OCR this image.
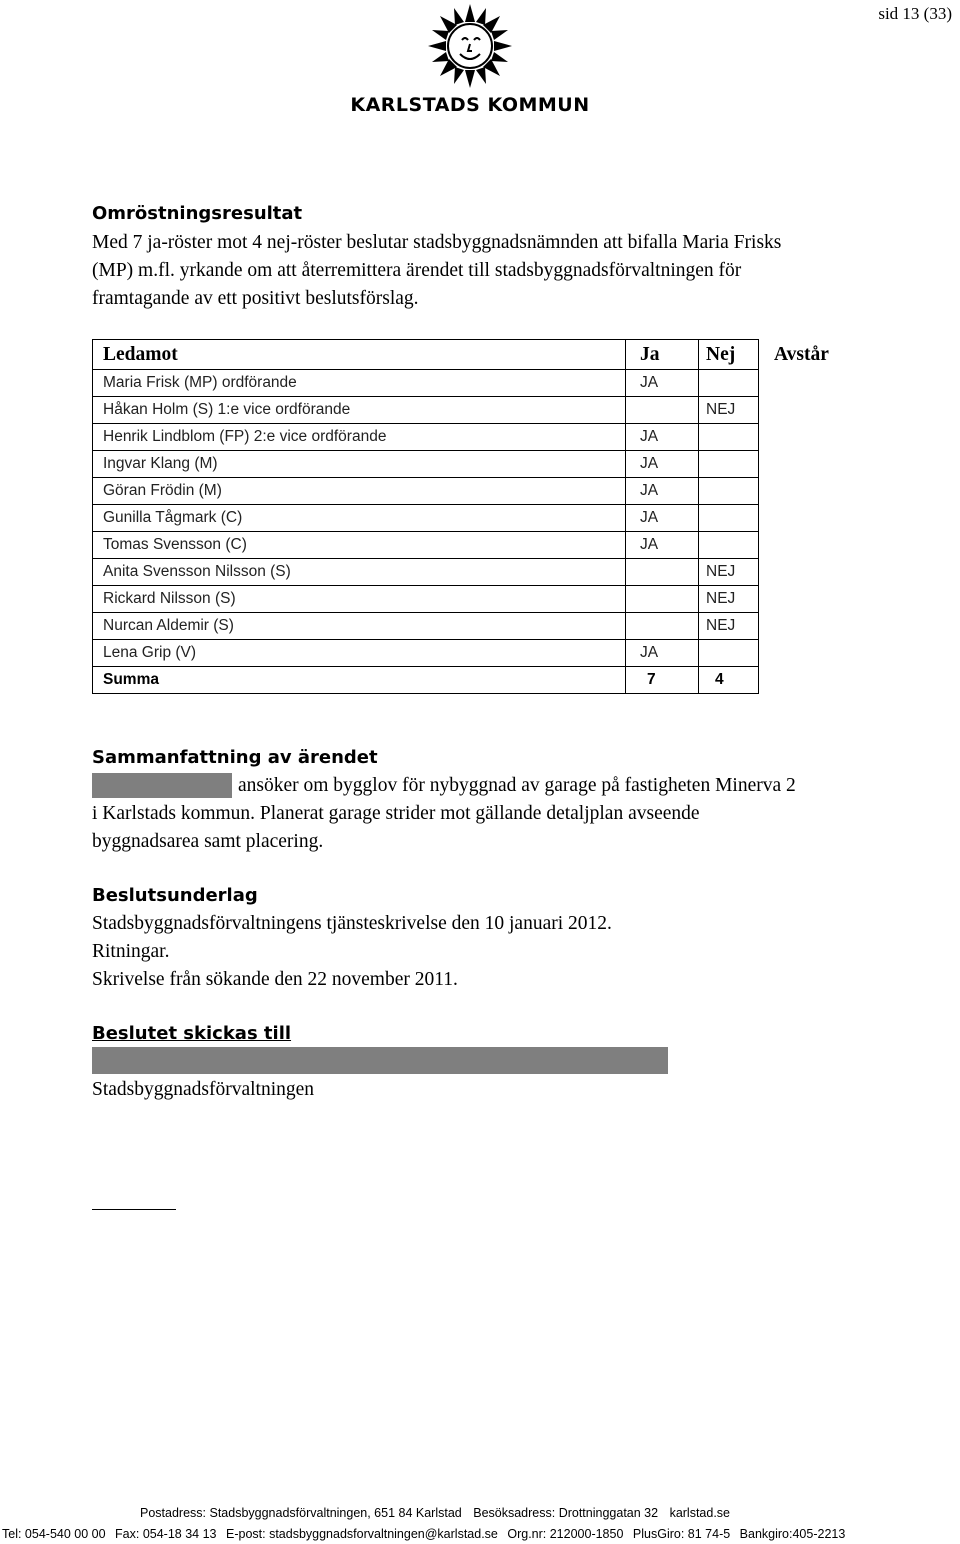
sid 13 (33)
KARLSTADS KOMMUN
Omröstningsresultat
Med 7 ja-röster mot 4 nej-röster beslutar stadsbyggnadsnämnden att bifalla Maria Frisks
(MP) m.fl. yrkande om att återremittera ärendet till stadsbyggnadsförvaltningen för
framtagande av ett positivt beslutsförslag.
Ledamot	Ja	Nej	Avstår
Maria Frisk (MP) ordförande	JA		
Håkan Holm (S) 1:e vice ordförande		NEJ	
Henrik Lindblom (FP) 2:e vice ordförande	JA		
Ingvar Klang (M)	JA		
Göran Frödin (M)	JA		
Gunilla Tågmark (C)	JA		
Tomas Svensson (C)	JA		
Anita Svensson Nilsson (S)		NEJ	
Rickard Nilsson (S)		NEJ	
Nurcan Aldemir (S)		NEJ	
Lena Grip (V)	JA		
Summa	7	4	
Sammanfattning av ärendet
ansöker om bygglov för nybyggnad av garage på fastigheten Minerva 2
i Karlstads kommun. Planerat garage strider mot gällande detaljplan avseende
byggnadsarea samt placering.
Beslutsunderlag
Stadsbyggnadsförvaltningens tjänsteskrivelse den 10 januari 2012.
Ritningar.
Skrivelse från sökande den 22 november 2011.
Beslutet skickas till
Stadsbyggnadsförvaltningen
Postadress: Stadsbyggnadsförvaltningen, 651 84 Karlstad Besöksadress: Drottninggatan 32 karlstad.se
Tel: 054-540 00 00 Fax: 054-18 34 13 E-post: stadsbyggnadsforvaltningen@karlstad.se Org.nr: 212000-1850 PlusGiro: 81 74-5 Bankgiro:405-2213
